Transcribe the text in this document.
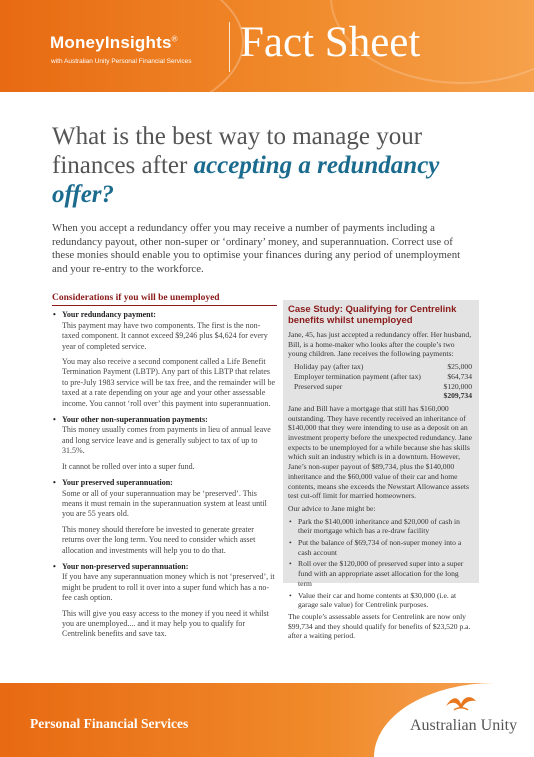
MoneyInsights®
with Australian Unity Personal Financial Services Fact Sheet
What is the best way to manage your finances after accepting a redundancy offer?

When you accept a redundancy offer you may receive a number of payments including a redundancy payout, other non-super or ‘ordinary’ money, and superannuation. Correct use of these monies should enable you to optimise your finances during any period of unemployment and your re-entry to the workforce.

Considerations if you will be unemployed
• Your redundancy payment:

This payment may have two components. The first is the non-taxed component. It cannot exceed $9,246 plus $4,624 for every year of completed service.

You may also receive a second component called a Life Benefit Termination Payment (LBTP). Any part of this LBTP that relates to pre-July 1983 service will be tax free, and the remainder will be taxed at a rate depending on your age and your other assessable income. You cannot ‘roll over’ this payment into superannuation.

• Your other non-superannuation payments:

This money usually comes from payments in lieu of annual leave and long service leave and is generally subject to tax of up to 31.5%.

It cannot be rolled over into a super fund.

• Your preserved superannuation:

Some or all of your superannuation may be ‘preserved’. This means it must remain in the superannuation system at least until you are 55 years old.

This money should therefore be invested to generate greater returns over the long term. You need to consider which asset allocation and investments will help you to do that.

• Your non-preserved superannuation:

If you have any superannuation money which is not ‘preserved’, it might be prudent to roll it over into a super fund which has a no-fee cash option.

This will give you easy access to the money if you need it whilst you are unemployed.... and it may help you to qualify for Centrelink benefits and save tax.

Case Study: Qualifying for Centrelink benefits whilst unemployed

Jane, 45, has just accepted a redundancy offer. Her husband, Bill, is a home-maker who looks after the couple’s two young children. Jane receives the following payments:

Holiday pay (after tax)	$25,000
Employer termination payment (after tax)	$64,734
Preserved super	$120,000
$209,734

Jane and Bill have a mortgage that still has $160,000 outstanding. They have recently received an inheritance of $140,000 that they were intending to use as a deposit on an investment property before the unexpected redundancy. Jane expects to be unemployed for a while because she has skills which suit an industry which is in a downturn. However, Jane’s non-super payout of $89,734, plus the $140,000 inheritance and the $60,000 value of their car and home contents, means she exceeds the Newstart Allowance assets test cut-off limit for married homeowners.

Our advice to Jane might be:

• Park the $140,000 inheritance and $20,000 of cash in their mortgage which has a re-draw facility
• Put the balance of $69,734 of non-super money into a cash account
• Roll over the $120,000 of preserved super into a super fund with an appropriate asset allocation for the long term
• Value their car and home contents at $30,000 (i.e. at garage sale value) for Centrelink purposes.

The couple’s assessable assets for Centrelink are now only $99,734 and they should qualify for benefits of $23,520 p.a. after a waiting period.

Personal Financial Services	Australian Unity
